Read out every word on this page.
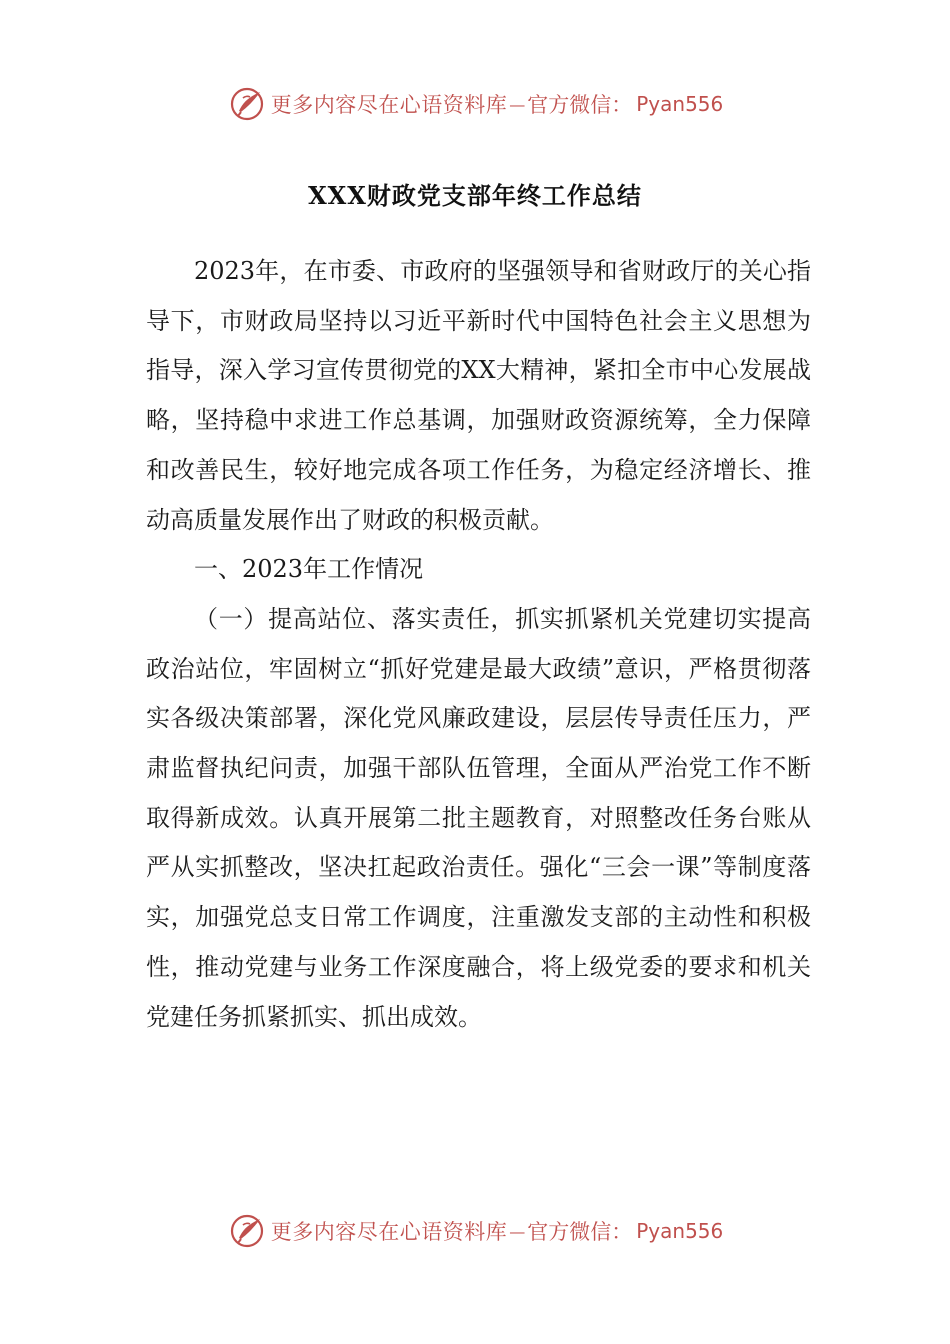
更多内容尽在心语资料库 — 官方微信： Pyan556
XXX财政党支部年终工作总结

2023年，在市委、市政府的坚强领导和省财政厅的关心指导下，市财政局坚持以习近平新时代中国特色社会主义思想为指导，深入学习宣传贯彻党的XX大精神，紧扣全市中心发展战略，坚持稳中求进工作总基调，加强财政资源统筹，全力保障和改善民生，较好地完成各项工作任务，为稳定经济增长、推动高质量发展作出了财政的积极贡献。

一、2023年工作情况

（一）提高站位、落实责任，抓实抓紧机关党建切实提高政治站位，牢固树立“抓好党建是最大政绩”意识，严格贯彻落实各级决策部署，深化党风廉政建设，层层传导责任压力，严肃监督执纪问责，加强干部队伍管理，全面从严治党工作不断取得新成效。认真开展第二批主题教育，对照整改任务台账从严从实抓整改，坚决扛起政治责任。强化“三会一课”等制度落实，加强党总支日常工作调度，注重激发支部的主动性和积极性，推动党建与业务工作深度融合，将上级党委的要求和机关党建任务抓紧抓实、抓出成效。

更多内容尽在心语资料库 — 官方微信： Pyan556
